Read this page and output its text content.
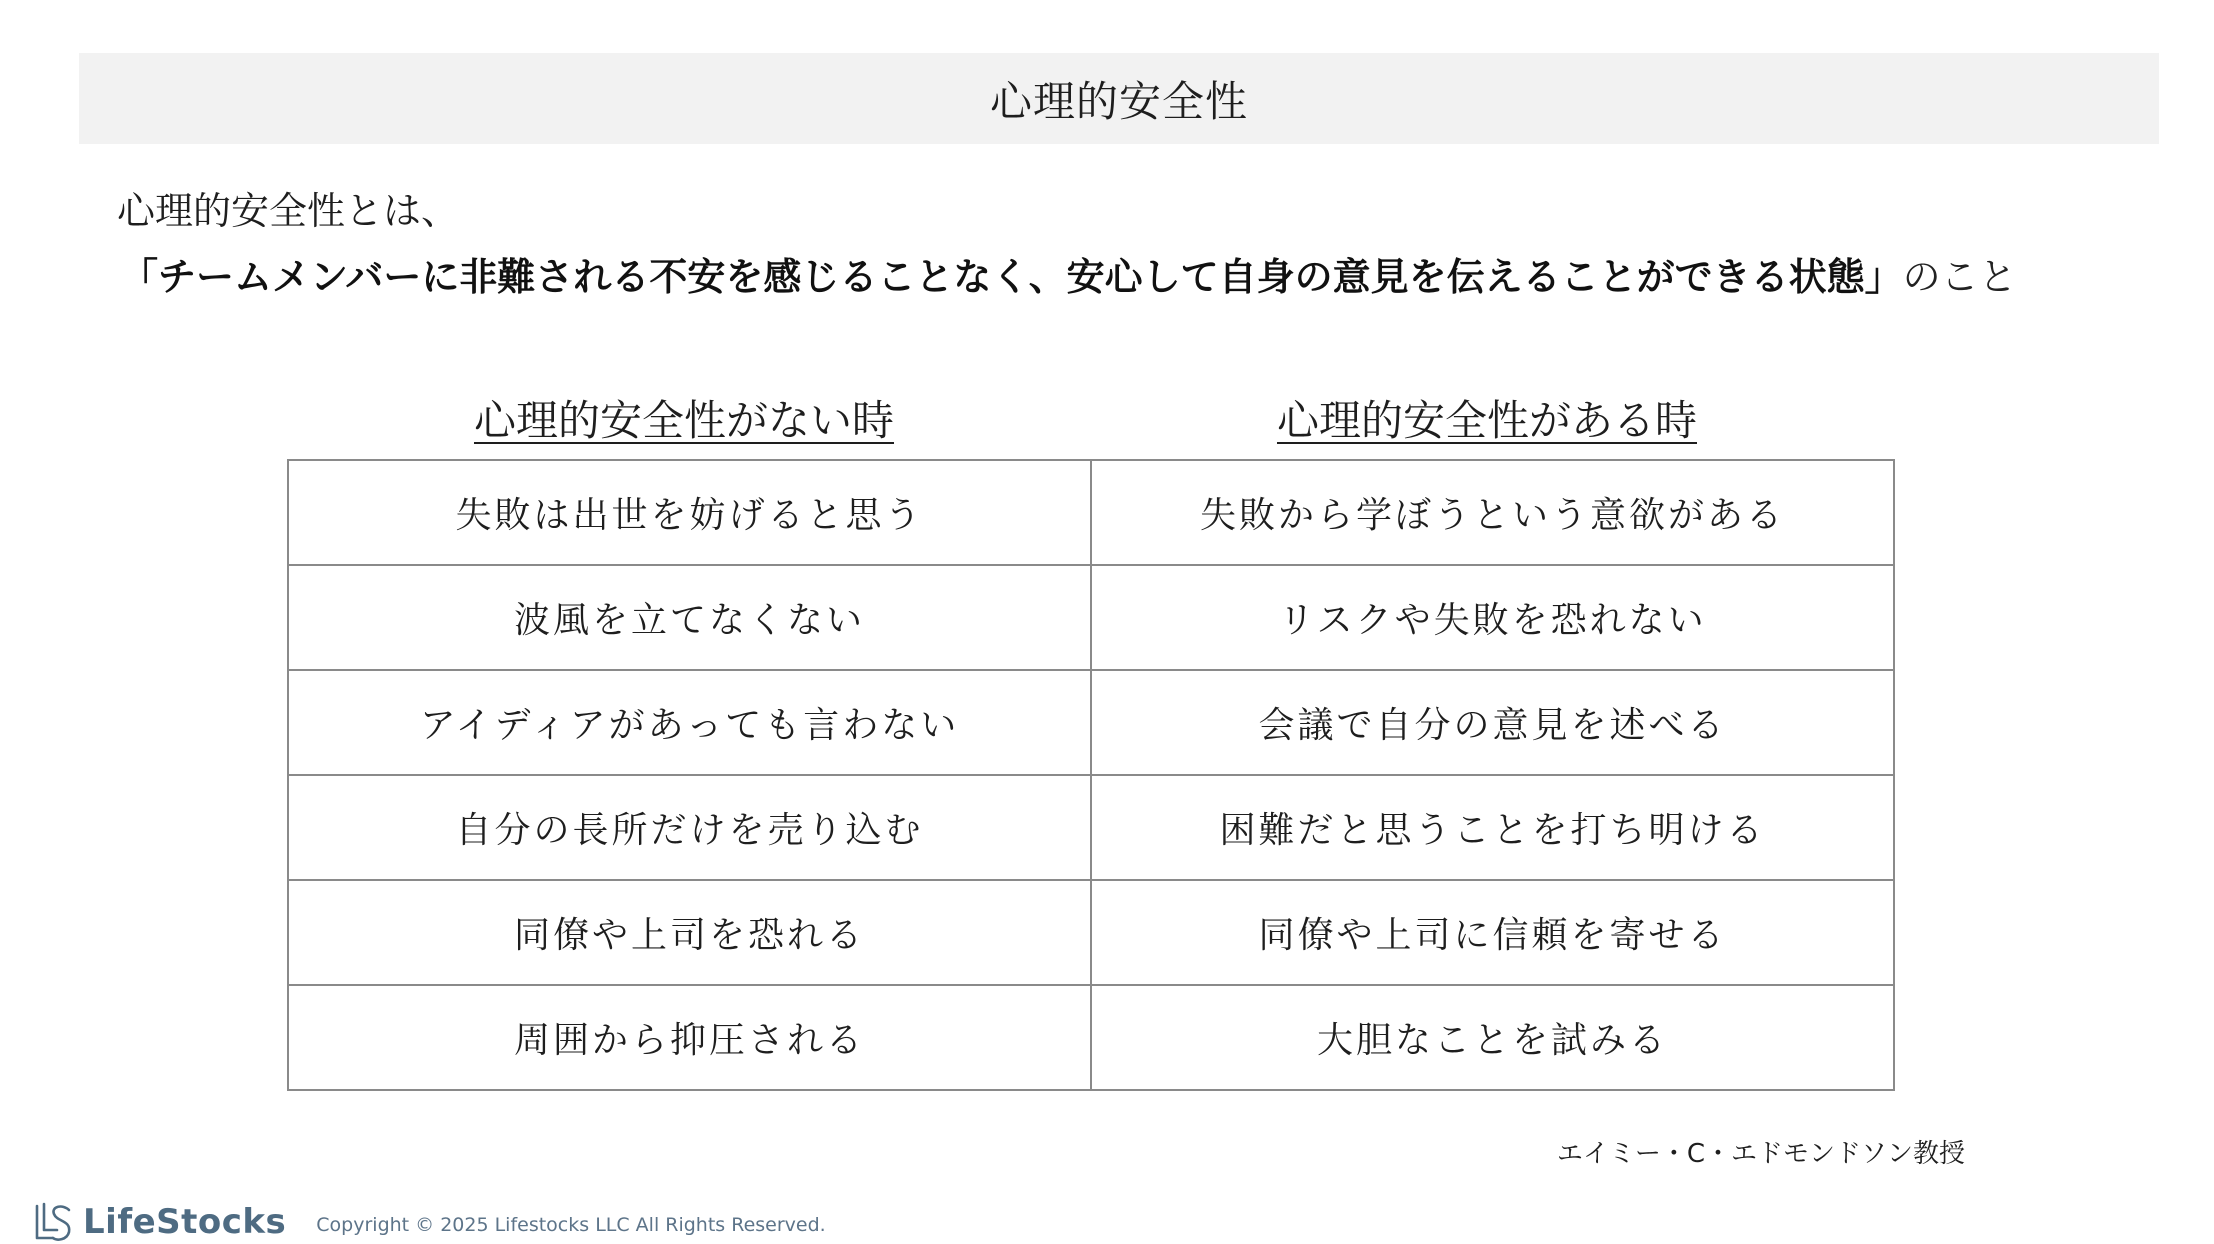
心理的安全性
心理的安全性とは、
「チームメンバーに非難される不安を感じることなく、安心して自身の意見を伝えることができる状態」のこと
心理的安全性がない時	心理的安全性がある時
失敗は出世を妨げると思う	失敗から学ぼうという意欲がある
波風を立てなくない	リスクや失敗を恐れない
アイディアがあっても言わない	会議で自分の意見を述べる
自分の長所だけを売り込む	困難だと思うことを打ち明ける
同僚や上司を恐れる	同僚や上司に信頼を寄せる
周囲から抑圧される	大胆なことを試みる
エイミー・C・エドモンドソン教授
LifeStocks Copyright © 2025 Lifestocks LLC All Rights Reserved.
